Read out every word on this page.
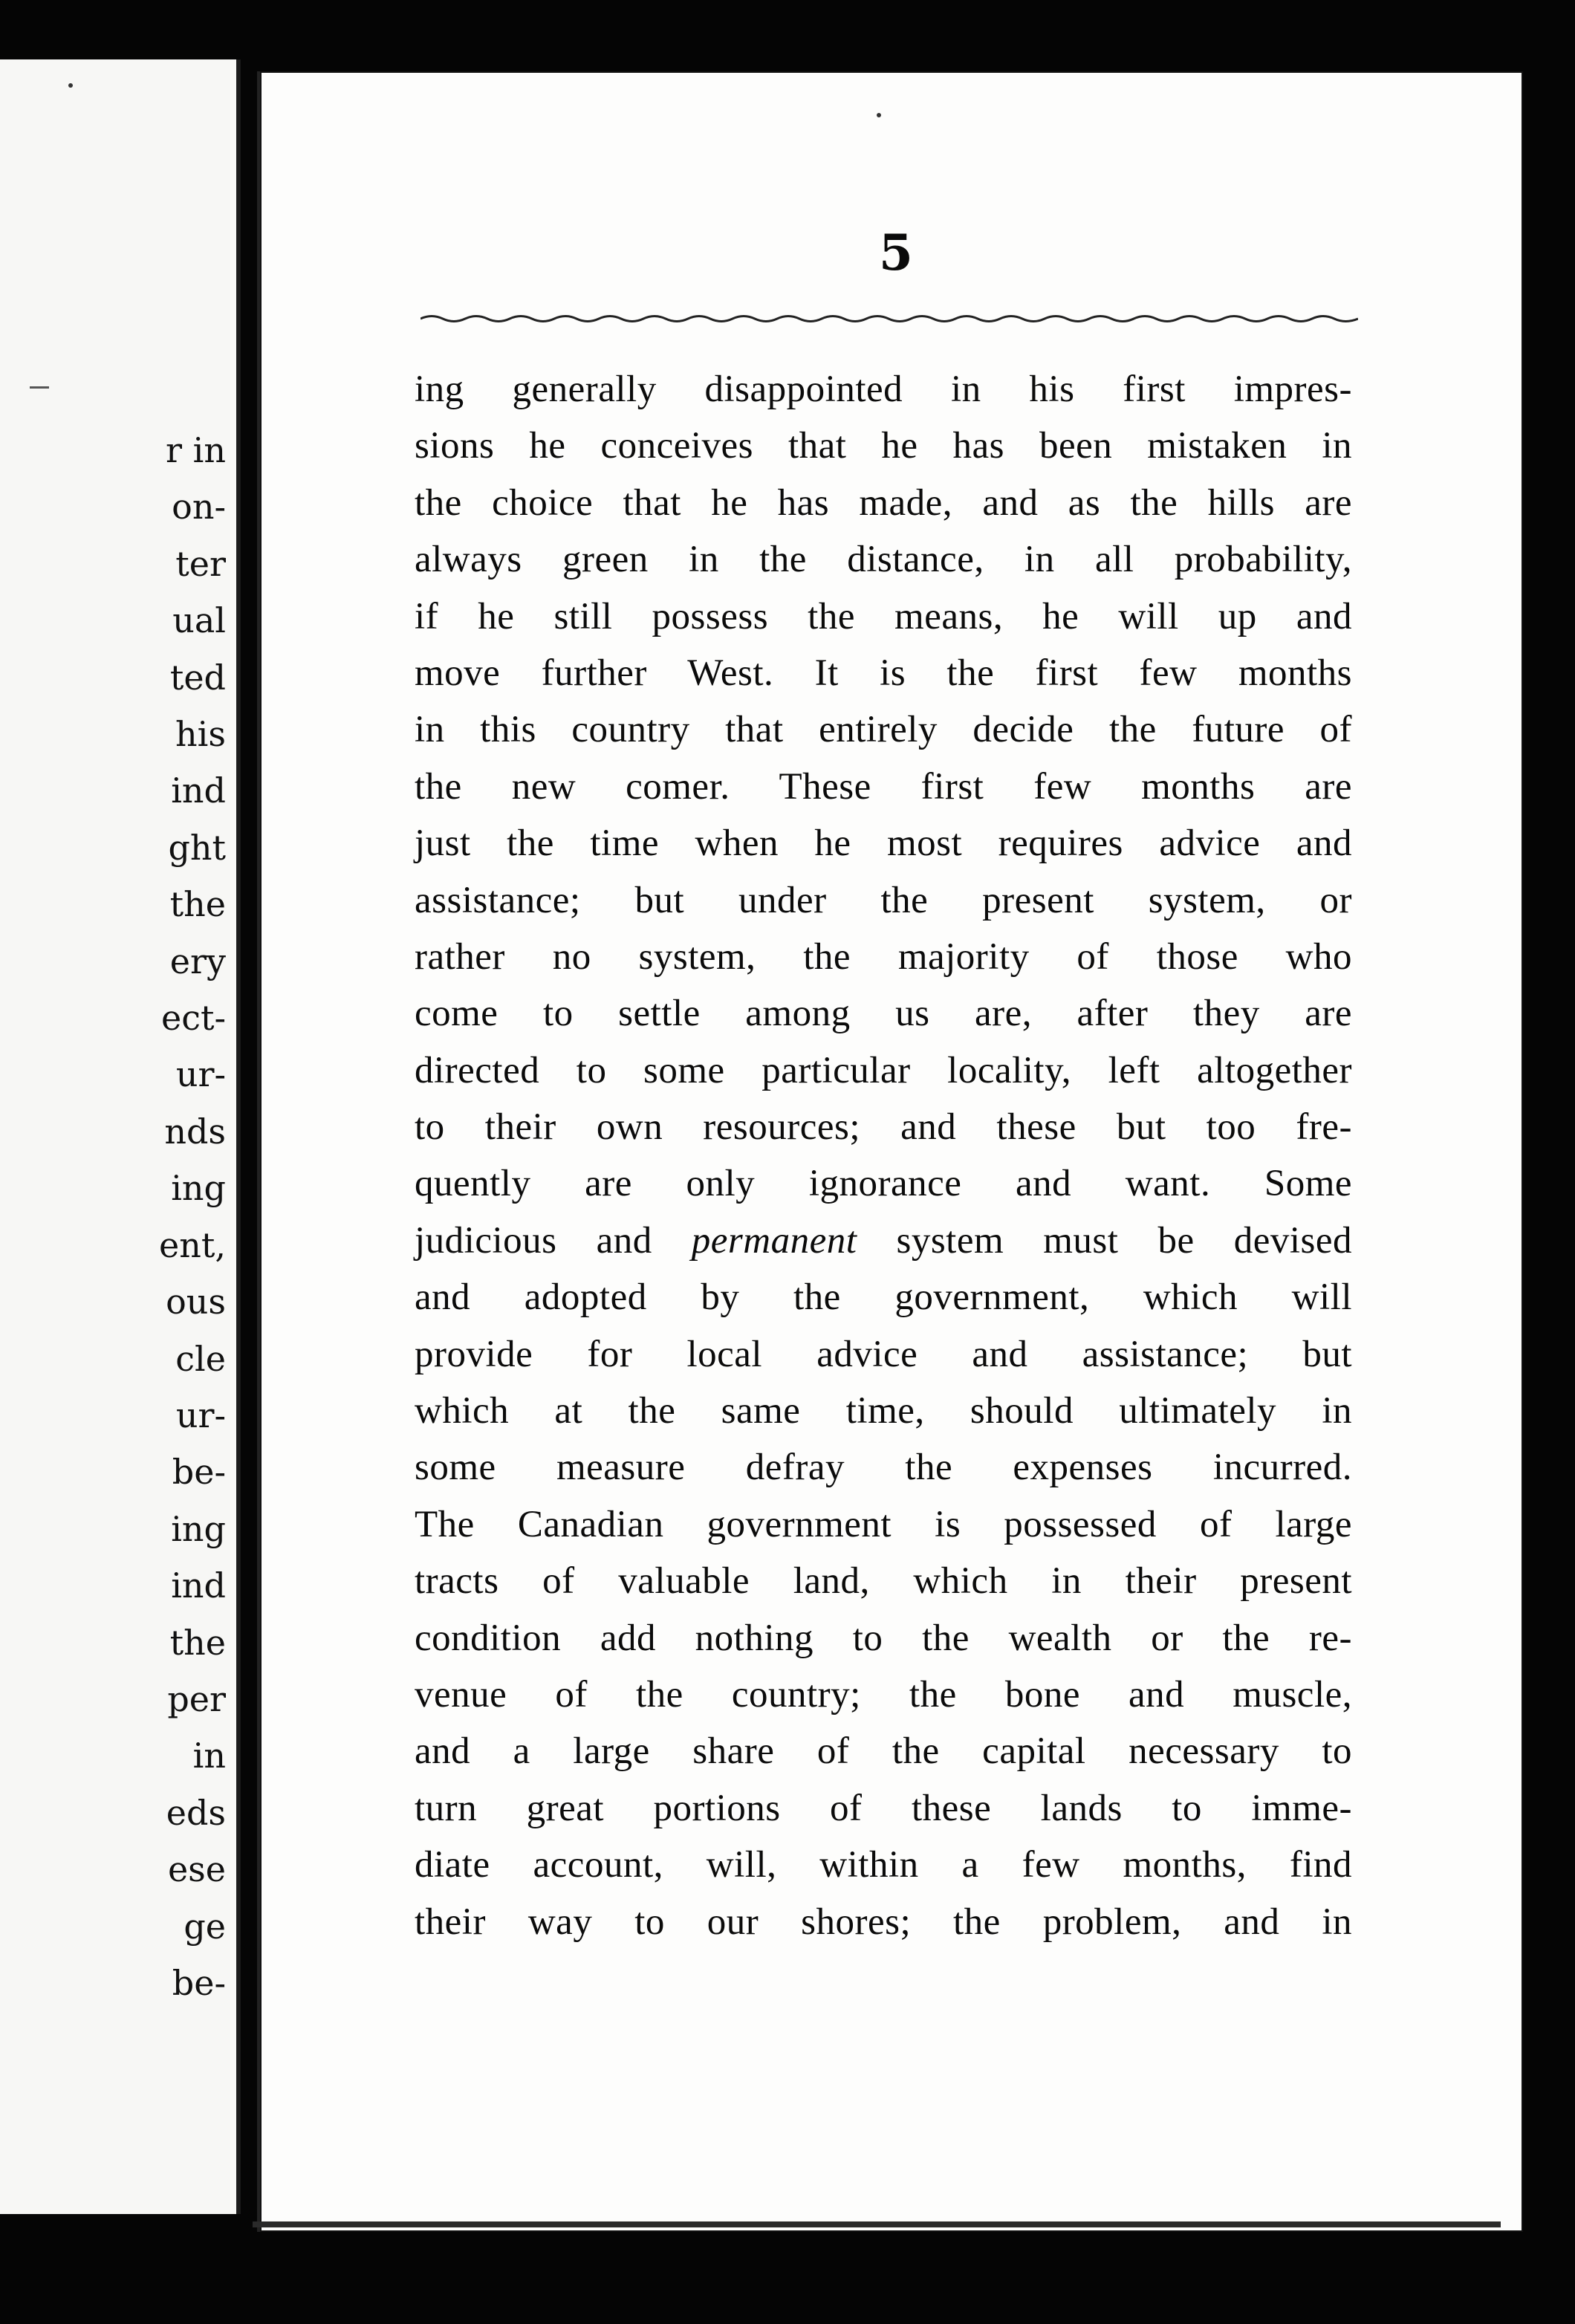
r in
on-
ter
ual
ted
his
ind
ght
the
ery
ect-
ur-
nds
ing
ent,
ous
cle
ur-
be-
ing
ind
the
per
in
eds
ese
ge
be-
5
ing generally disappointed in his first impres-
sions he conceives that he has been mistaken in
the choice that he has made, and as the hills are
always green in the distance, in all probability,
if he still possess the means, he will up and
move further West. It is the first few months
in this country that entirely decide the future of
the new comer. These first few months are
just the time when he most requires advice and
assistance; but under the present system, or
rather no system, the majority of those who
come to settle among us are, after they are
directed to some particular locality, left altogether
to their own resources; and these but too fre-
quently are only ignorance and want. Some
judicious and permanent system must be devised
and adopted by the government, which will
provide for local advice and assistance; but
which at the same time, should ultimately in
some measure defray the expenses incurred.
The Canadian government is possessed of large
tracts of valuable land, which in their present
condition add nothing to the wealth or the re-
venue of the country; the bone and muscle,
and a large share of the capital necessary to
turn great portions of these lands to imme-
diate account, will, within a few months, find
their way to our shores; the problem, and in
